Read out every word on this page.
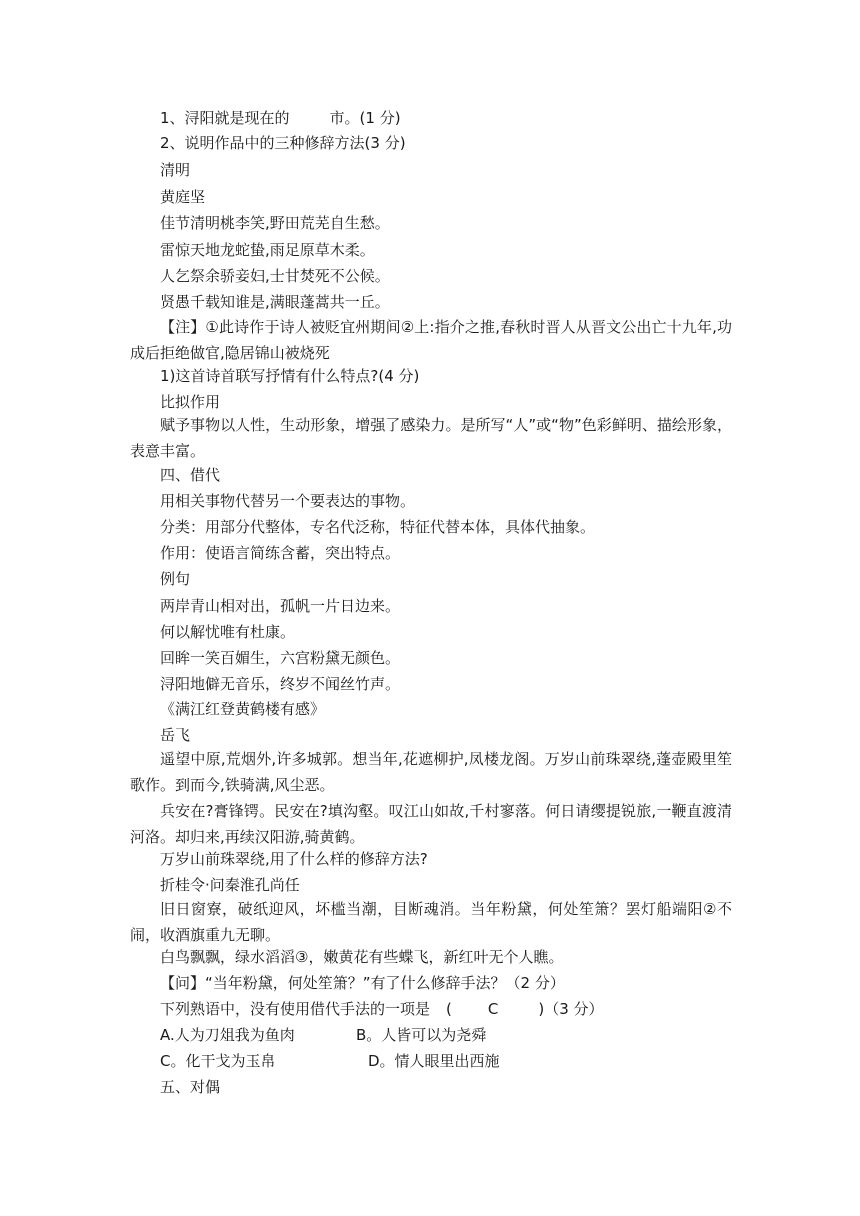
1、浔阳就是现在的	市。(1 分)
2、说明作品中的三种修辞方法(3 分)
清明
黄庭坚
佳节清明桃李笑,野田荒芜自生愁。
雷惊天地龙蛇蛰,雨足原草木柔。
人乞祭余骄妾妇,士甘焚死不公候。
贤愚千载知谁是,满眼蓬蒿共一丘。
【注】①此诗作于诗人被贬宜州期间②上:指介之推,春秋时晋人从晋文公出亡十九年,功成后拒绝做官,隐居锦山被烧死
1)这首诗首联写抒情有什么特点?(4 分)
比拟作用
赋予事物以人性，生动形象，增强了感染力。是所写“人”或“物”色彩鲜明、描绘形象，表意丰富。
四、借代
用相关事物代替另一个要表达的事物。
分类：用部分代整体，专名代泛称，特征代替本体，具体代抽象。
作用：使语言简练含蓄，突出特点。
例句
两岸青山相对出，孤帆一片日边来。
何以解忧唯有杜康。
回眸一笑百媚生，六宫粉黛无颜色。
浔阳地僻无音乐，终岁不闻丝竹声。
《满江红登黄鹤楼有感》
岳飞
遥望中原,荒烟外,许多城郭。想当年,花遮柳护,凤楼龙阁。万岁山前珠翠绕,蓬壶殿里笙歌作。到而今,铁骑满,风尘恶。
兵安在?膏锋锷。民安在?填沟壑。叹江山如故,千村寥落。何日请缨提锐旅,一鞭直渡清河洛。却归来,再续汉阳游,骑黄鹤。
万岁山前珠翠绕,用了什么样的修辞方法?
折桂令·问秦淮孔尚任
旧日窗寮，破纸迎风，坏槛当潮，目断魂消。当年粉黛，何处笙箫？罢灯船端阳②不闹，收酒旗重九无聊。
白鸟飘飘，绿水滔滔③，嫩黄花有些蝶飞，新红叶无个人瞧。
【问】“当年粉黛，何处笙箫？”有了什么修辞手法？（2 分）
下列熟语中，没有使用借代手法的一项是 ( C	)（3 分）
A.人为刀俎我为鱼肉	B。人皆可以为尧舜
C。化干戈为玉帛	D。情人眼里出西施
五、对偶
